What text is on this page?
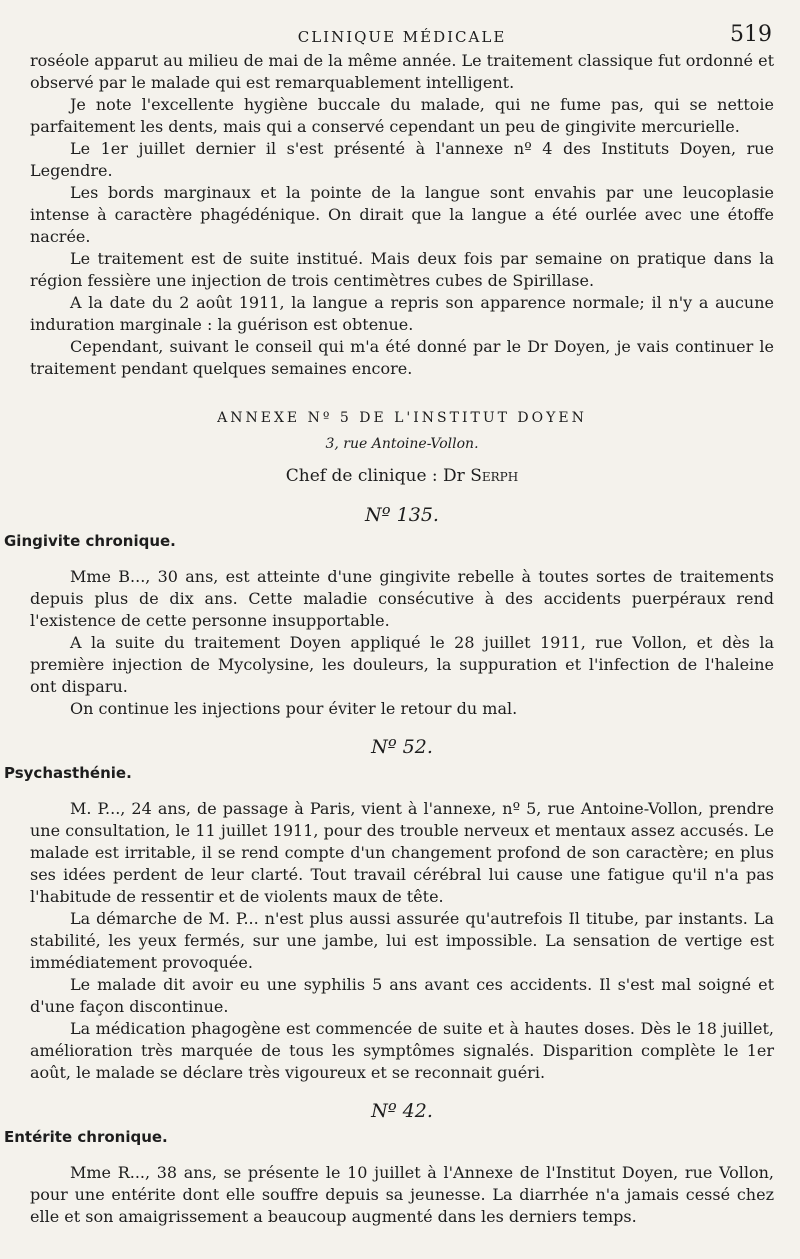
CLINIQUE MÉDICALE	519

roséole apparut au milieu de mai de la même année. Le traitement classique fut ordonné et observé par le malade qui est remarquablement intelligent.

Je note l'excellente hygiène buccale du malade, qui ne fume pas, qui se nettoie parfaitement les dents, mais qui a conservé cependant un peu de gingivite mercurielle.

Le 1er juillet dernier il s'est présenté à l'annexe nº 4 des Instituts Doyen, rue Legendre.

Les bords marginaux et la pointe de la langue sont envahis par une leucoplasie intense à caractère phagédénique. On dirait que la langue a été ourlée avec une étoffe nacrée.

Le traitement est de suite institué. Mais deux fois par semaine on pratique dans la région fessière une injection de trois centimètres cubes de Spirillase.

A la date du 2 août 1911, la langue a repris son apparence normale; il n'y a aucune induration marginale : la guérison est obtenue.

Cependant, suivant le conseil qui m'a été donné par le Dr Doyen, je vais continuer le traitement pendant quelques semaines encore.

ANNEXE Nº 5 DE L'INSTITUT DOYEN
3, rue Antoine-Vollon.
Chef de clinique : Dr Serph
Nº 135.
Gingivite chronique.

Mme B..., 30 ans, est atteinte d'une gingivite rebelle à toutes sortes de traitements depuis plus de dix ans. Cette maladie consécutive à des accidents puerpéraux rend l'existence de cette personne insupportable.

A la suite du traitement Doyen appliqué le 28 juillet 1911, rue Vollon, et dès la première injection de Mycolysine, les douleurs, la suppuration et l'infection de l'haleine ont disparu.

On continue les injections pour éviter le retour du mal.

Nº 52.
Psychasthénie.

M. P..., 24 ans, de passage à Paris, vient à l'annexe, nº 5, rue Antoine-Vollon, prendre une consultation, le 11 juillet 1911, pour des trouble nerveux et mentaux assez accusés. Le malade est irritable, il se rend compte d'un changement profond de son caractère; en plus ses idées perdent de leur clarté. Tout travail cérébral lui cause une fatigue qu'il n'a pas l'habitude de ressentir et de violents maux de tête.

La démarche de M. P... n'est plus aussi assurée qu'autrefois Il titube, par instants. La stabilité, les yeux fermés, sur une jambe, lui est impossible. La sensation de vertige est immédiatement provoquée.

Le malade dit avoir eu une syphilis 5 ans avant ces accidents. Il s'est mal soigné et d'une façon discontinue.

La médication phagogène est commencée de suite et à hautes doses. Dès le 18 juillet, amélioration très marquée de tous les symptômes signalés. Disparition complète le 1er août, le malade se déclare très vigoureux et se reconnait guéri.

Nº 42.
Entérite chronique.

Mme R..., 38 ans, se présente le 10 juillet à l'Annexe de l'Institut Doyen, rue Vollon, pour une entérite dont elle souffre depuis sa jeunesse. La diarrhée n'a jamais cessé chez elle et son amaigrissement a beaucoup augmenté dans les derniers temps.
